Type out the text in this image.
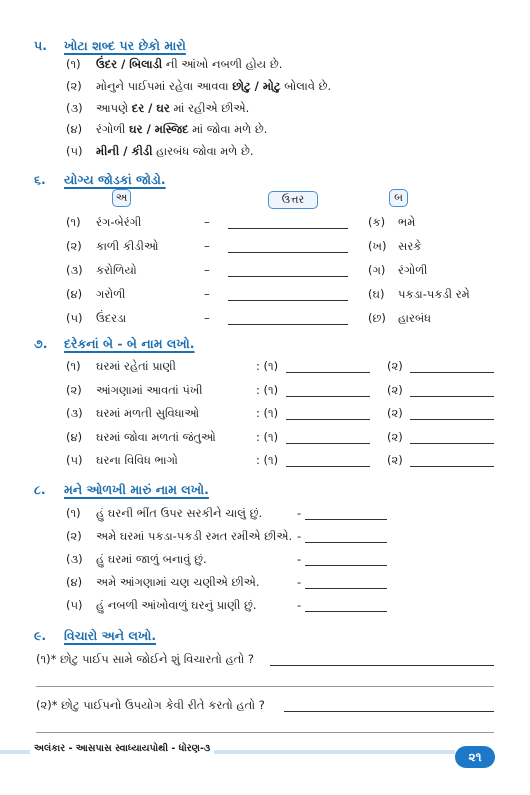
૫. ખોટા શબ્દ પર છેકો મારો
(૧) ઉંદર / બિલાડી ની આંખો નબળી હોય છે.
(૨) મોનુને પાઈપમાં રહેવા આવવા છોટુ / મોટુ બોલાવે છે.
(૩) આપણે દર / ઘર માં રહીએ છીએ.
(૪) રંગોળી ઘર / મસ્જિદ માં જોવા મળે છે.
(૫) મીની / કીડી હારબંધ જોવા મળે છે.
૬. યોગ્ય જોડકાં જોડો.
અ	ઉત્તર	બ
(૧) રંગ-બેરંગી	–	(ક) ભમે
(૨) કાળી કીડીઓ	–	(ખ) સરકે
(૩) કરોળિયો	–	(ગ) રંગોળી
(૪) ગરોળી	–	(ઘ) પકડા-પકડી રમે
(૫) ઉંદરડા	–	(છ) હારબંધ
૭. દરેકનાં બે - બે નામ લખો.
(૧) ઘરમાં રહેતાં પ્રાણી	: (૧)	(૨)
(૨) આંગણામાં આવતાં પંખી	: (૧)	(૨)
(૩) ઘરમાં મળતી સુવિધાઓ	: (૧)	(૨)
(૪) ઘરમાં જોવા મળતાં જંતુઓ	: (૧)	(૨)
(૫) ઘરના વિવિધ ભાગો	: (૧)	(૨)
૮. મને ઓળખી મારું નામ લખો.
(૧) હું ઘરની ભીંત ઉપર સરકીને ચાલું છું.	-
(૨) અમે ઘરમાં પકડા-પકડી રમત રમીએ છીએ. -
(૩) હું ઘરમાં જાળું બનાવું છું.	-
(૪) અમે આંગણામાં ચણ ચણીએ છીએ.	-
(૫) હું નબળી આંખોવાળું ઘરનું પ્રાણી છું.	-
૯. વિચારો અને લખો.
(૧)* છોટુ પાઈપ સામે જોઈને શું વિચારતો હતો ?
(૨)* છોટુ પાઈપનો ઉપયોગ કેવી રીતે કરતો હતો ?
અલંકાર - આસપાસ સ્વાધ્યાયપોથી - ધોરણ-૩
૨૧
